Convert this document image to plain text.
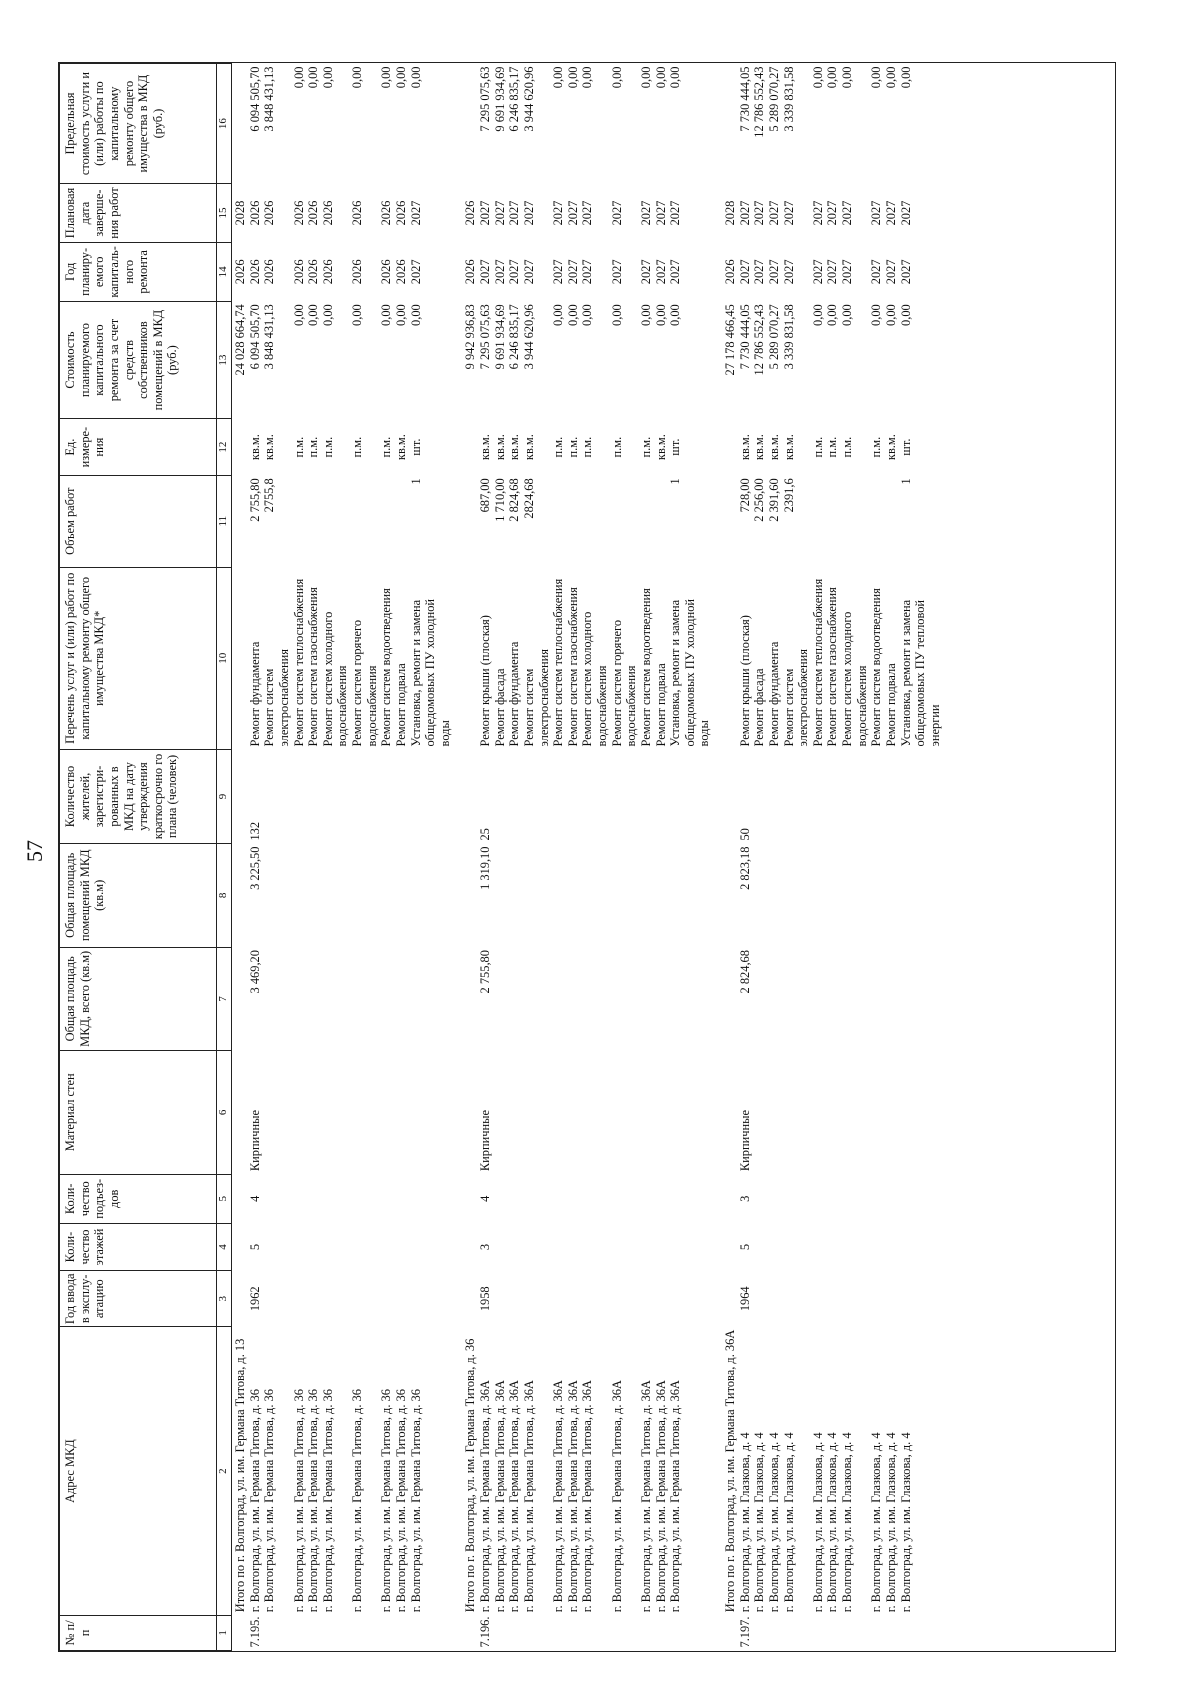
57
№ п/п	Адрес МКД	Год ввода в эксплу-атацию	Коли-чество этажей	Коли-чество подъез-дов	Материал стен	Общая площадь МКД, всего (кв.м)	Общая площадь помещений МКД (кв.м)	Количество жителей, зарегистри-рованных в МКД на дату утверждения краткосрочно го плана (человек)	Перечень услуг и (или) работ по капитальному ремонту общего имущества МКД*	Объем работ	Ед. измере-ния	Стоимость планируемого капитального ремонта за счет средств собственников помещений в МКД (руб.)	Год планиру-емого капиталь-ного ремонта	Плановая дата заверше-ния работ	Предельная стоимость услуги и (или) работы по капитальному ремонту общего имущества в МКД (руб.)
1	2	3	4	5	6	7	8	9	10	11	12	13	14	15	16
	Итого по г. Волгоград, ул. им. Германа Титова, д. 13											24 028 664,74	2026	2028	
7.195.	г. Волгоград, ул. им. Германа Титова, д. 36	1962	5	4	Кирпичные	3 469,20	3 225,50	132	Ремонт фундамента	2 755,80	кв.м.	6 094 505,70	2026	2026	6 094 505,70
	г. Волгоград, ул. им. Германа Титова, д. 36								Ремонт систем электроснабжения	2755,8	кв.м.	3 848 431,13	2026	2026	3 848 431,13
	г. Волгоград, ул. им. Германа Титова, д. 36								Ремонт систем теплоснабжения		п.м.	0,00	2026	2026	0,00
	г. Волгоград, ул. им. Германа Титова, д. 36								Ремонт систем газоснабжения		п.м.	0,00	2026	2026	0,00
	г. Волгоград, ул. им. Германа Титова, д. 36								Ремонт систем холодного водоснабжения		п.м.	0,00	2026	2026	0,00
	г. Волгоград, ул. им. Германа Титова, д. 36								Ремонт систем горячего водоснабжения		п.м.	0,00	2026	2026	0,00
	г. Волгоград, ул. им. Германа Титова, д. 36								Ремонт систем водоотведения		п.м.	0,00	2026	2026	0,00
	г. Волгоград, ул. им. Германа Титова, д. 36								Ремонт подвала		кв.м.	0,00	2026	2026	0,00
	г. Волгоград, ул. им. Германа Титова, д. 36								Установка, ремонт и замена общедомовых ПУ холодной воды	1	шт.	0,00	2027	2027	0,00

	Итого по г. Волгоград, ул. им. Германа Титова, д. 36											9 942 936,83	2026	2026	
7.196.	г. Волгоград, ул. им. Германа Титова, д. 36А	1958	3	4	Кирпичные	2 755,80	1 319,10	25	Ремонт крыши (плоская)	687,00	кв.м.	7 295 075,63	2027	2027	7 295 075,63
	г. Волгоград, ул. им. Германа Титова, д. 36А								Ремонт фасада	1 710,00	кв.м.	9 691 934,69	2027	2027	9 691 934,69
	г. Волгоград, ул. им. Германа Титова, д. 36А								Ремонт фундамента	2 824,68	кв.м.	6 246 835,17	2027	2027	6 246 835,17
	г. Волгоград, ул. им. Германа Титова, д. 36А								Ремонт систем электроснабжения	2824,68	кв.м.	3 944 620,96	2027	2027	3 944 620,96
	г. Волгоград, ул. им. Германа Титова, д. 36А								Ремонт систем теплоснабжения		п.м.	0,00	2027	2027	0,00
	г. Волгоград, ул. им. Германа Титова, д. 36А								Ремонт систем газоснабжения		п.м.	0,00	2027	2027	0,00
	г. Волгоград, ул. им. Германа Титова, д. 36А								Ремонт систем холодного водоснабжения		п.м.	0,00	2027	2027	0,00
	г. Волгоград, ул. им. Германа Титова, д. 36А								Ремонт систем горячего водоснабжения		п.м.	0,00	2027	2027	0,00
	г. Волгоград, ул. им. Германа Титова, д. 36А								Ремонт систем водоотведения		п.м.	0,00	2027	2027	0,00
	г. Волгоград, ул. им. Германа Титова, д. 36А								Ремонт подвала		кв.м.	0,00	2027	2027	0,00
	г. Волгоград, ул. им. Германа Титова, д. 36А								Установка, ремонт и замена общедомовых ПУ холодной воды	1	шт.	0,00	2027	2027	0,00

	Итого по г. Волгоград, ул. им. Германа Титова, д. 36А											27 178 466,45	2026	2028	
7.197.	г. Волгоград, ул. им. Глазкова, д. 4	1964	5	3	Кирпичные	2 824,68	2 823,18	50	Ремонт крыши (плоская)	728,00	кв.м.	7 730 444,05	2027	2027	7 730 444,05
	г. Волгоград, ул. им. Глазкова, д. 4								Ремонт фасада	2 256,00	кв.м.	12 786 552,43	2027	2027	12 786 552,43
	г. Волгоград, ул. им. Глазкова, д. 4								Ремонт фундамента	2 391,60	кв.м.	5 289 070,27	2027	2027	5 289 070,27
	г. Волгоград, ул. им. Глазкова, д. 4								Ремонт систем электроснабжения	2391,6	кв.м.	3 339 831,58	2027	2027	3 339 831,58
	г. Волгоград, ул. им. Глазкова, д. 4								Ремонт систем теплоснабжения		п.м.	0,00	2027	2027	0,00
	г. Волгоград, ул. им. Глазкова, д. 4								Ремонт систем газоснабжения		п.м.	0,00	2027	2027	0,00
	г. Волгоград, ул. им. Глазкова, д. 4								Ремонт систем холодного водоснабжения		п.м.	0,00	2027	2027	0,00
	г. Волгоград, ул. им. Глазкова, д. 4								Ремонт систем водоотведения		п.м.	0,00	2027	2027	0,00
	г. Волгоград, ул. им. Глазкова, д. 4								Ремонт подвала		кв.м.	0,00	2027	2027	0,00
	г. Волгоград, ул. им. Глазкова, д. 4								Установка, ремонт и замена общедомовых ПУ тепловой энергии	1	шт.	0,00	2027	2027	0,00
